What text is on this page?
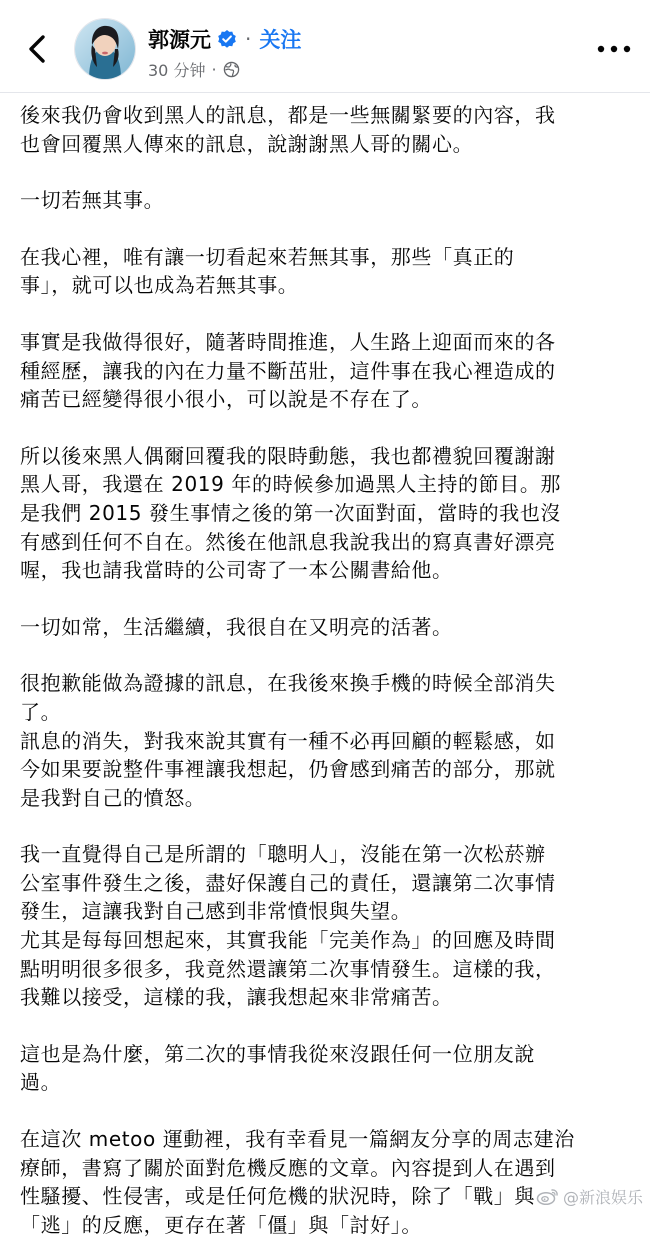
郭源元 · 关注
30 分钟 ·
後來我仍會收到黑人的訊息，都是一些無關緊要的內容，我
也會回覆黑人傳來的訊息，說謝謝黑人哥的關心。
一切若無其事。
在我心裡，唯有讓一切看起來若無其事，那些「真正的
事」，就可以也成為若無其事。
事實是我做得很好，隨著時間推進，人生路上迎面而來的各
種經歷，讓我的內在力量不斷茁壯，這件事在我心裡造成的
痛苦已經變得很小很小，可以說是不存在了。
所以後來黑人偶爾回覆我的限時動態，我也都禮貌回覆謝謝
黑人哥，我還在 2019 年的時候參加過黑人主持的節目。那
是我們 2015 發生事情之後的第一次面對面，當時的我也沒
有感到任何不自在。然後在他訊息我說我出的寫真書好漂亮
喔，我也請我當時的公司寄了一本公關書給他。
一切如常，生活繼續，我很自在又明亮的活著。
很抱歉能做為證據的訊息，在我後來換手機的時候全部消失
了。
訊息的消失，對我來說其實有一種不必再回顧的輕鬆感，如
今如果要說整件事裡讓我想起，仍會感到痛苦的部分，那就
是我對自己的憤怒。
我一直覺得自己是所謂的「聰明人」，沒能在第一次松菸辦
公室事件發生之後，盡好保護自己的責任，還讓第二次事情
發生，這讓我對自己感到非常憤恨與失望。
尤其是每每回想起來，其實我能「完美作為」的回應及時間
點明明很多很多，我竟然還讓第二次事情發生。這樣的我，
我難以接受，這樣的我，讓我想起來非常痛苦。
這也是為什麼，第二次的事情我從來沒跟任何一位朋友說
過。
在這次 metoo 運動裡，我有幸看見一篇網友分享的周志建治
療師，書寫了關於面對危機反應的文章。內容提到人在遇到
性騷擾、性侵害，或是任何危機的狀況時，除了「戰」與
「逃」的反應，更存在著「僵」與「討好」。
@新浪娱乐
